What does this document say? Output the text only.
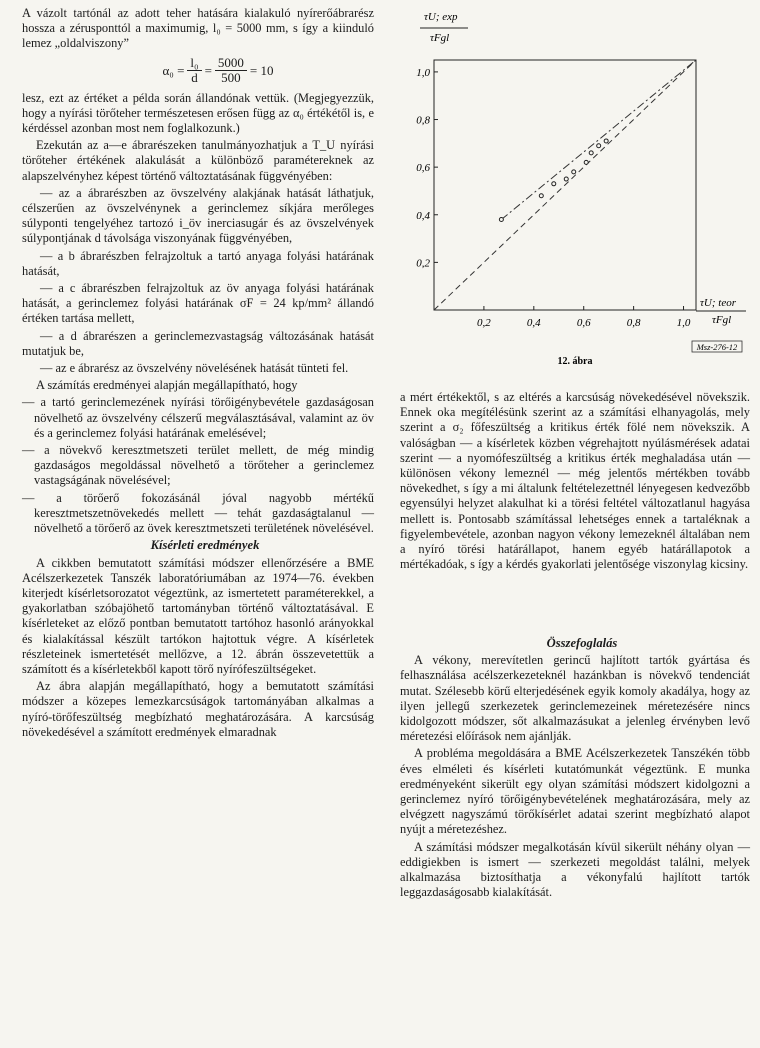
A vázolt tartónál az adott teher hatására kialakuló nyírerőábrarész hossza a zérusponttól a maximumig, l₀ = 5000 mm, s így a kiinduló lemez „oldalviszony”

$\alpha_0 = \frac{\text{l₀}}{d} = \frac{5000}{500} = 10$

lesz, ezt az értéket a példa során állandónak vettük. (Megjegyezzük, hogy a nyírási törőteher természetesen erősen függ az α₀ értékétől is, e kérdéssel azonban most nem foglalkozunk.)

Ezekután az a—e ábrarészeken tanulmányozhatjuk a T_U nyírási törőteher értékének alakulását a különböző paramétereknek az alapszelvényhez képest történő változtatásának függvényében:

— az a ábrarészben az övszelvény alakjának hatását láthatjuk, célszerűen az övszelvénynek a gerinclemez síkjára merőleges súlyponti tengelyéhez tartozó i_öv inerciasugár és az övszelvények súlypontjának d távolsága viszonyának függvényében,

— a b ábrarészben felrajzoltuk a tartó anyaga folyási határának hatását,

— a c ábrarészben felrajzoltuk az öv anyaga folyási határának hatását, a gerinclemez folyási határának σF = 24 kp/mm² állandó értéken tartása mellett,

— a d ábrarészen a gerinclemezvastagság változásának hatását mutatjuk be,

— az e ábrarész az övszelvény növelésének hatását tünteti fel.

A számítás eredményei alapján megállapítható, hogy

— a tartó gerinclemezének nyírási törőigénybevétele gazdaságosan növelhető az övszelvény célszerű megválasztásával, valamint az öv és a gerinclemez folyási határának emelésével;

— a növekvő keresztmetszeti terület mellett, de még mindig gazdaságos megoldással növelhető a törőteher a gerinclemez vastagságának növelésével;

— a törőerő fokozásánál jóval nagyobb mértékű keresztmetszetnövekedés mellett — tehát gazdaságtalanul — növelhető a törőerő az övek keresztmetszeti területének növelésével.

Kísérleti eredmények

A cikkben bemutatott számítási módszer ellenőrzésére a BME Acélszerkezetek Tanszék laboratóriumában az 1974—76. években kiterjedt kísérletsorozatot végeztünk, az ismertetett paraméterekkel, a gyakorlatban szóbajöhető tartományban történő változtatásával. E kísérleteket az előző pontban bemutatott tartóhoz hasonló arányokkal és kialakítással készült tartókon hajtottuk végre. A kísérletek részleteinek ismertetését mellőzve, a 12. ábrán összevetettük a számított és a kísérletekből kapott törő nyírófeszültségeket.

Az ábra alapján megállapítható, hogy a bemutatott számítási módszer a közepes lemezkarcsúságok tartományában alkalmas a nyíró-törőfeszültség megbízható meghatározására. A karcsúság növekedésével a számított eredmények elmaradnak

τU; exp
τFgl
τU; teor
τFgl
12. ábra
Msz-276-12
0,2
0,2
0,4
0,4
0,6
0,6
0,8
0,8
1,0
1,0

a mért értékektől, s az eltérés a karcsúság növekedésével növekszik. Ennek oka megítélésünk szerint az a számítási elhanyagolás, mely szerint a σ₂ főfeszültség a kritikus érték fölé nem növekszik. A valóságban — a kísérletek közben végrehajtott nyúlásmérések adatai szerint — a nyomófeszültség a kritikus érték meghaladása után — különösen vékony lemeznél — még jelentős mértékben tovább növekedhet, s így a mi általunk feltételezettnél lényegesen kedvezőbb egyensúlyi helyzet alakulhat ki a törési feltétel változatlanul hagyása mellett is. Pontosabb számítással lehetséges ennek a tartaléknak a figyelembevétele, azonban nagyon vékony lemezeknél általában nem a nyíró törési határállapot, hanem egyéb határállapotok a mértékadóak, s így a kérdés gyakorlati jelentősége viszonylag kicsiny.

Összefoglalás

A vékony, merevítetlen gerincű hajlított tartók gyártása és felhasználása acélszerkezeteknél hazánkban is növekvő tendenciát mutat. Szélesebb körű elterjedésének egyik komoly akadálya, hogy az ilyen jellegű szerkezetek gerinclemezeinek méretezésére nincs kidolgozott módszer, sőt alkalmazásukat a jelenleg érvényben levő méretezési előírások nem ajánlják.

A probléma megoldására a BME Acélszerkezetek Tanszékén több éves elméleti és kísérleti kutatómunkát végeztünk. E munka eredményeként sikerült egy olyan számítási módszert kidolgozni a gerinclemez nyíró törőigénybevételének meghatározására, mely az elvégzett nagyszámú törőkísérlet adatai szerint megbízható alapot nyújt a méretezéshez.

A számítási módszer megalkotásán kívül sikerült néhány olyan — eddigiekben is ismert — szerkezeti megoldást találni, melyek alkalmazása biztosíthatja a vékonyfalú hajlított tartók leggazdaságosabb kialakítását.
